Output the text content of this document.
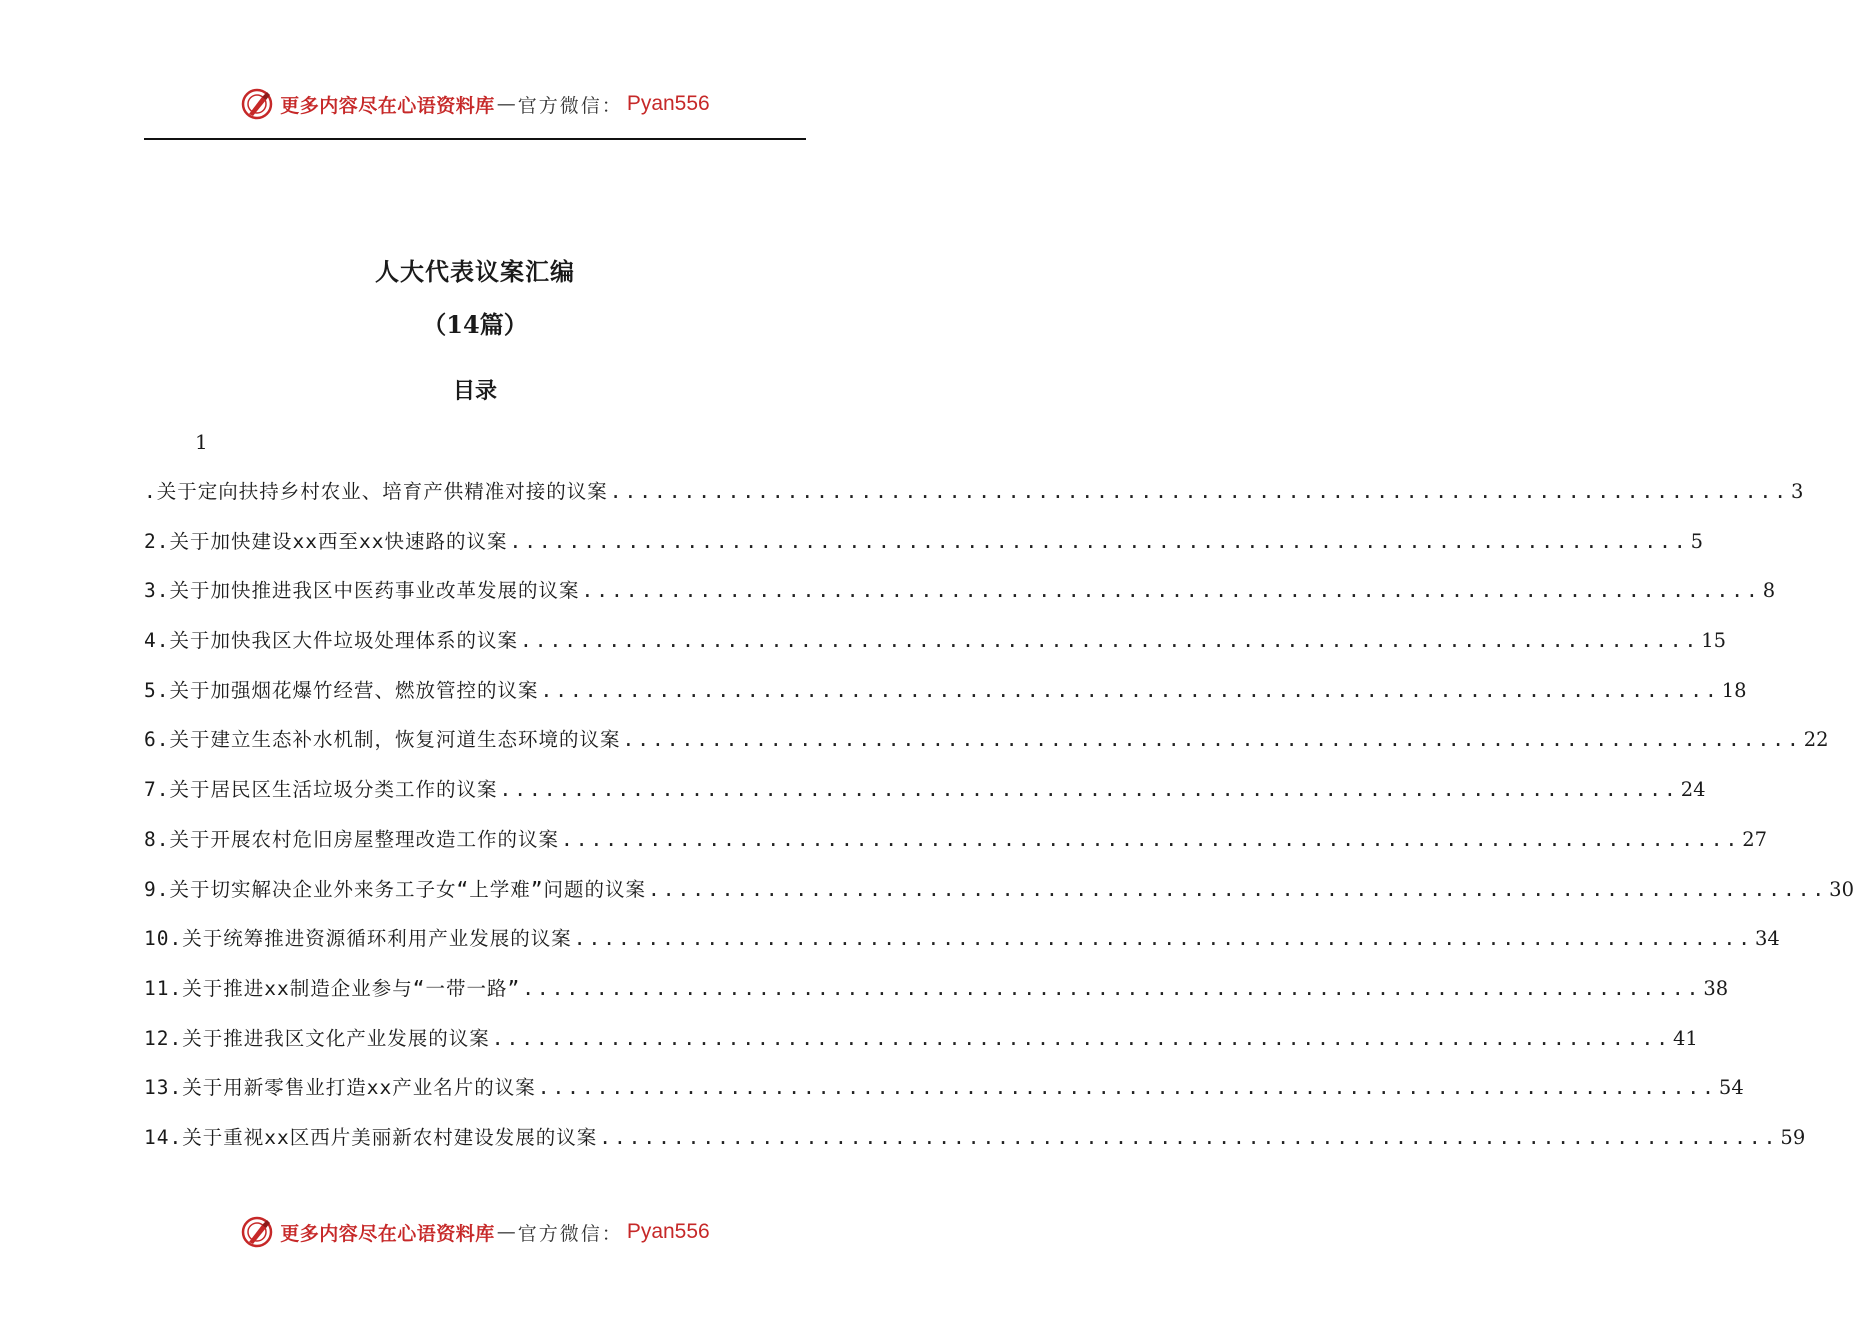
更多内容尽在心语资料库 — 官方微信： Pyan556
人大代表议案汇编
（14篇）
目录
1
.关于定向扶持乡村农业、培育产供精准对接的议案 ................................................................................ 3
2.关于加快建设xx西至xx快速路的议案 ................................................................................ 5
3.关于加快推进我区中医药事业改革发展的议案 ................................................................................ 8
4.关于加快我区大件垃圾处理体系的议案 ................................................................................ 15
5.关于加强烟花爆竹经营、燃放管控的议案 ................................................................................ 18
6.关于建立生态补水机制，恢复河道生态环境的议案 ................................................................................ 22
7.关于居民区生活垃圾分类工作的议案 ................................................................................ 24
8.关于开展农村危旧房屋整理改造工作的议案 ................................................................................ 27
9.关于切实解决企业外来务工子女“上学难”问题的议案 ................................................................................ 30
10.关于统筹推进资源循环利用产业发展的议案 ................................................................................ 34
11.关于推进xx制造企业参与“一带一路” ................................................................................ 38
12.关于推进我区文化产业发展的议案 ................................................................................ 41
13.关于用新零售业打造xx产业名片的议案 ................................................................................ 54
14.关于重视xx区西片美丽新农村建设发展的议案 ................................................................................ 59
更多内容尽在心语资料库 — 官方微信： Pyan556
